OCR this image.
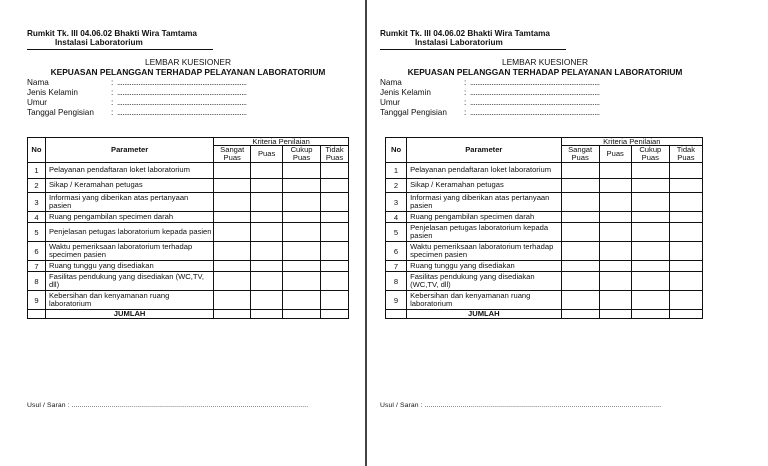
Rumkit Tk. III 04.06.02 Bhakti Wira Tamtama
Instalasi Laboratorium
LEMBAR KUESIONER
KEPUASAN PELANGGAN TERHADAP PELAYANAN LABORATORIUM
Nama	: .........................................................................
Jenis Kelamin	: .........................................................................
Umur	: .........................................................................
Tanggal Pengisian	: .........................................................................
No	Parameter	Kriteria Penilaian			
		Sangat Puas	Puas	Cukup Puas	Tidak Puas
1	Pelayanan pendaftaran loket laboratorium				
2	Sikap / Keramahan petugas				
3	Informasi yang diberikan atas pertanyaan pasien				
4	Ruang pengambilan specimen darah				
5	Penjelasan petugas laboratorium kepada pasien				
6	Waktu pemeriksaan laboratorium terhadap specimen pasien				
7	Ruang tunggu yang disediakan				
8	Fasilitas pendukung yang disediakan (WC,TV, dll)				
9	Kebersihan dan kenyamanan ruang laboratorium				
	JUMLAH				
Usul / Saran : .......................................................................................................................
Rumkit Tk. III 04.06.02 Bhakti Wira Tamtama
Instalasi Laboratorium
LEMBAR KUESIONER
KEPUASAN PELANGGAN TERHADAP PELAYANAN LABORATORIUM
Nama	: .........................................................................
Jenis Kelamin	: .........................................................................
Umur	: .........................................................................
Tanggal Pengisian	: .........................................................................
No	Parameter	Kriteria Penilaian			
		Sangat Puas	Puas	Cukup Puas	Tidak Puas
1	Pelayanan pendaftaran loket laboratorium				
2	Sikap / Keramahan petugas				
3	Informasi yang diberikan atas pertanyaan pasien				
4	Ruang pengambilan specimen darah				
5	Penjelasan petugas laboratorium kepada pasien				
6	Waktu pemeriksaan laboratorium terhadap specimen pasien				
7	Ruang tunggu yang disediakan				
8	Fasilitas pendukung yang disediakan (WC,TV, dll)				
9	Kebersihan dan kenyamanan ruang laboratorium				
	JUMLAH				
Usul / Saran : .......................................................................................................................
